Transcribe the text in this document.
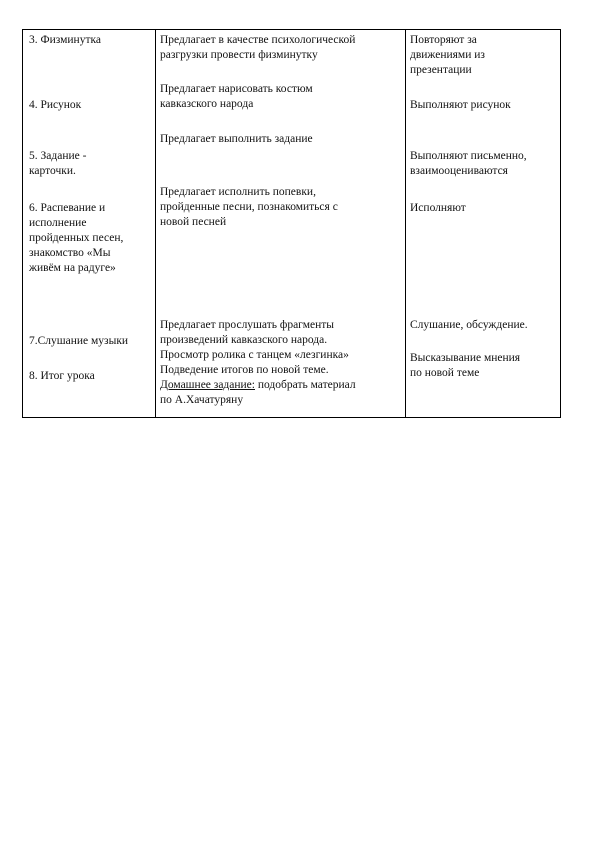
3. Физминутка
4. Рисунок
5. Задание -
карточки.
6. Распевание и
исполнение
пройденных песен,
знакомство «Мы
живём на радуге»
7.Слушание музыки
8. Итог урока
Предлагает в качестве психологической
разгрузки провести физминутку
Предлагает нарисовать костюм
кавказского народа
Предлагает выполнить задание
Предлагает исполнить попевки,
пройденные песни, познакомиться с
новой песней
Предлагает прослушать фрагменты
произведений кавказского народа.
Просмотр ролика с танцем «лезгинка»
Подведение итогов по новой теме.
Домашнее задание: подобрать материал
по А.Хачатуряну
Повторяют за
движениями из
презентации
Выполняют рисунок
Выполняют письменно,
взаимооцениваются
Исполняют
Слушание, обсуждение.
Высказывание мнения
по новой теме
